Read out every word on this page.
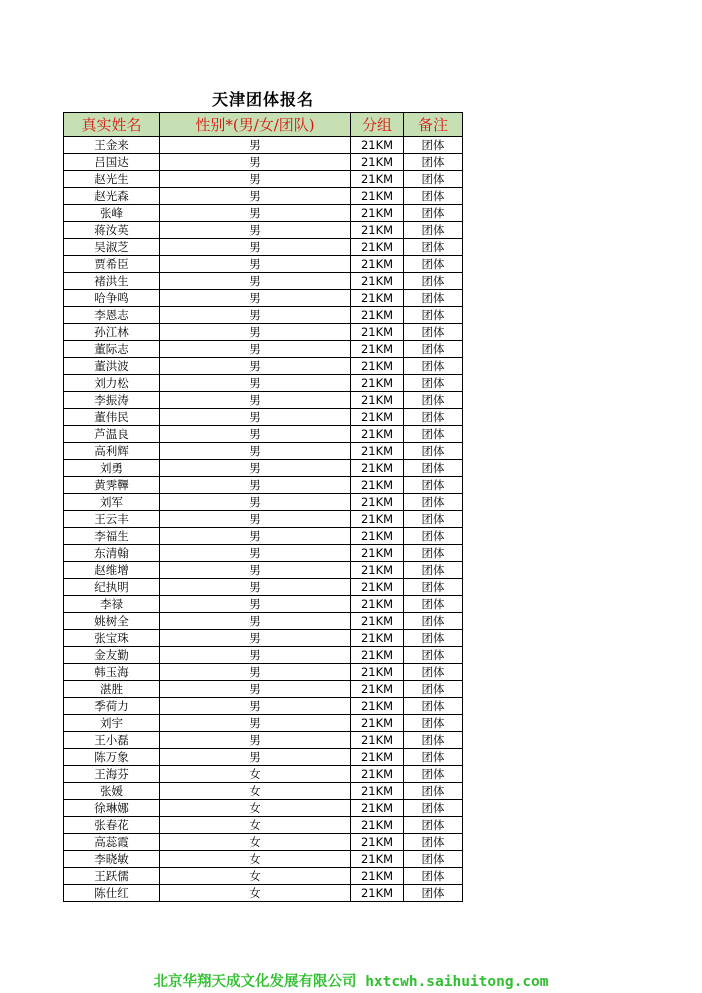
天津团体报名
真实姓名	性别*(男/女/团队)	分组	备注
王金来	男	21KM	团体
吕国达	男	21KM	团体
赵光生	男	21KM	团体
赵光森	男	21KM	团体
张峰	男	21KM	团体
蒋汝英	男	21KM	团体
吴淑芝	男	21KM	团体
贾希臣	男	21KM	团体
褚洪生	男	21KM	团体
哈争鸣	男	21KM	团体
李恩志	男	21KM	团体
孙江林	男	21KM	团体
董际志	男	21KM	团体
董洪波	男	21KM	团体
刘力松	男	21KM	团体
李振涛	男	21KM	团体
董伟民	男	21KM	团体
芦温良	男	21KM	团体
高利辉	男	21KM	团体
刘勇	男	21KM	团体
黄霁鞸	男	21KM	团体
刘军	男	21KM	团体
王云丰	男	21KM	团体
李福生	男	21KM	团体
东清翰	男	21KM	团体
赵维增	男	21KM	团体
纪执明	男	21KM	团体
李禄	男	21KM	团体
姚树全	男	21KM	团体
张宝珠	男	21KM	团体
金友勤	男	21KM	团体
韩玉海	男	21KM	团体
湛胜	男	21KM	团体
季荷力	男	21KM	团体
刘宇	男	21KM	团体
王小磊	男	21KM	团体
陈万象	男	21KM	团体
王海芬	女	21KM	团体
张媛	女	21KM	团体
徐琳娜	女	21KM	团体
张春花	女	21KM	团体
高蕊霞	女	21KM	团体
李晓敏	女	21KM	团体
王跃儒	女	21KM	团体
陈仕红	女	21KM	团体
北京华翔天成文化发展有限公司 hxtcwh.saihuitong.com
